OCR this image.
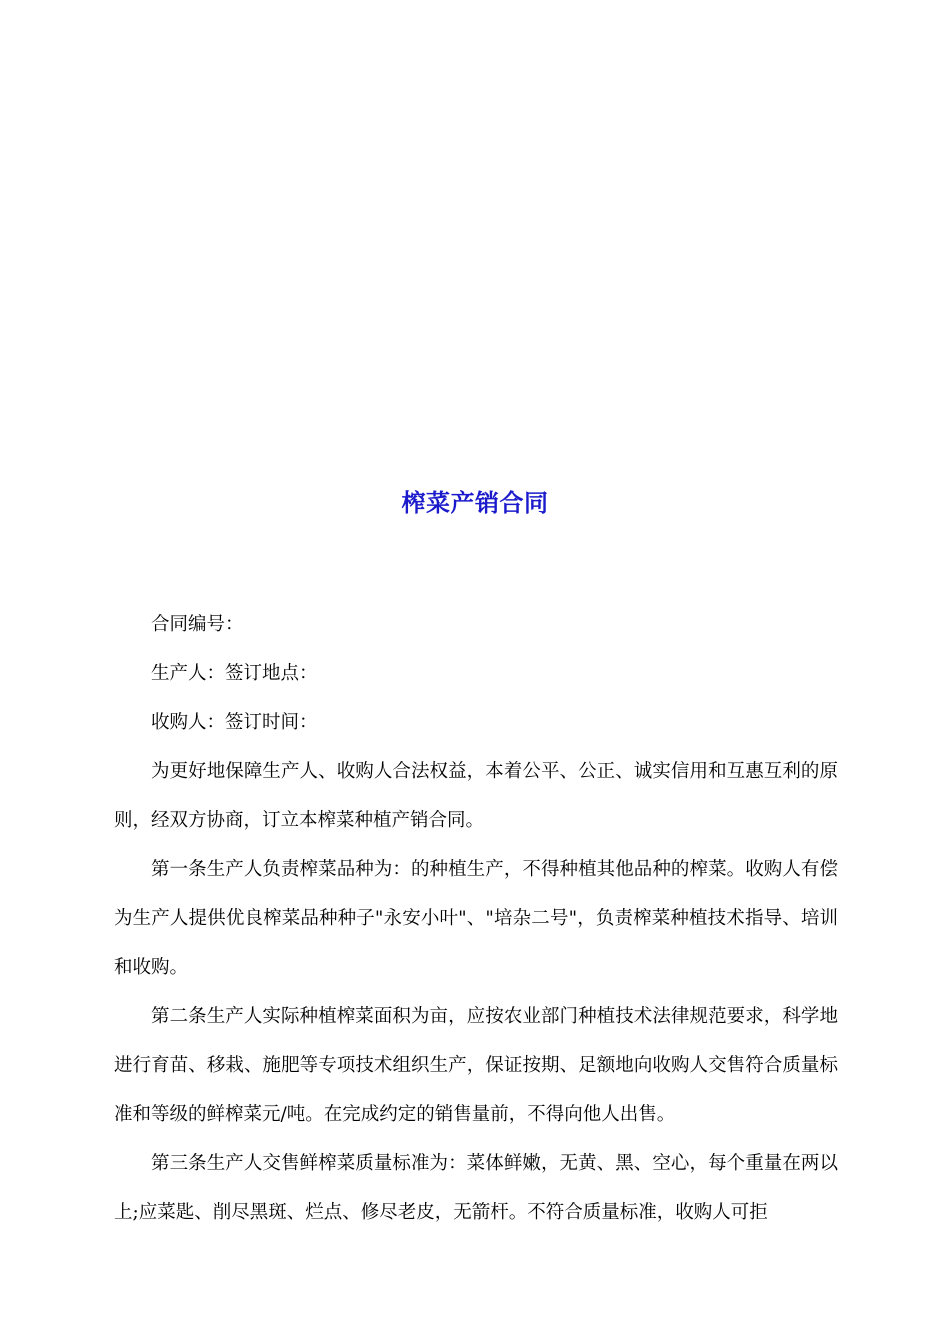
榨菜产销合同

合同编号：

生产人：签订地点：

收购人：签订时间：

为更好地保障生产人、收购人合法权益，本着公平、公正、诚实信用和互惠互利的原则，经双方协商，订立本榨菜种植产销合同。

第一条生产人负责榨菜品种为：的种植生产，不得种植其他品种的榨菜。收购人有偿为生产人提供优良榨菜品种种子"永安小叶"、"培杂二号"，负责榨菜种植技术指导、培训和收购。

第二条生产人实际种植榨菜面积为亩，应按农业部门种植技术法律规范要求，科学地进行育苗、移栽、施肥等专项技术组织生产，保证按期、足额地向收购人交售符合质量标准和等级的鲜榨菜元/吨。在完成约定的销售量前，不得向他人出售。

第三条生产人交售鲜榨菜质量标准为：菜体鲜嫩，无黄、黑、空心，每个重量在两以上;应菜匙、削尽黑斑、烂点、修尽老皮，无箭杆。不符合质量标准，收购人可拒
